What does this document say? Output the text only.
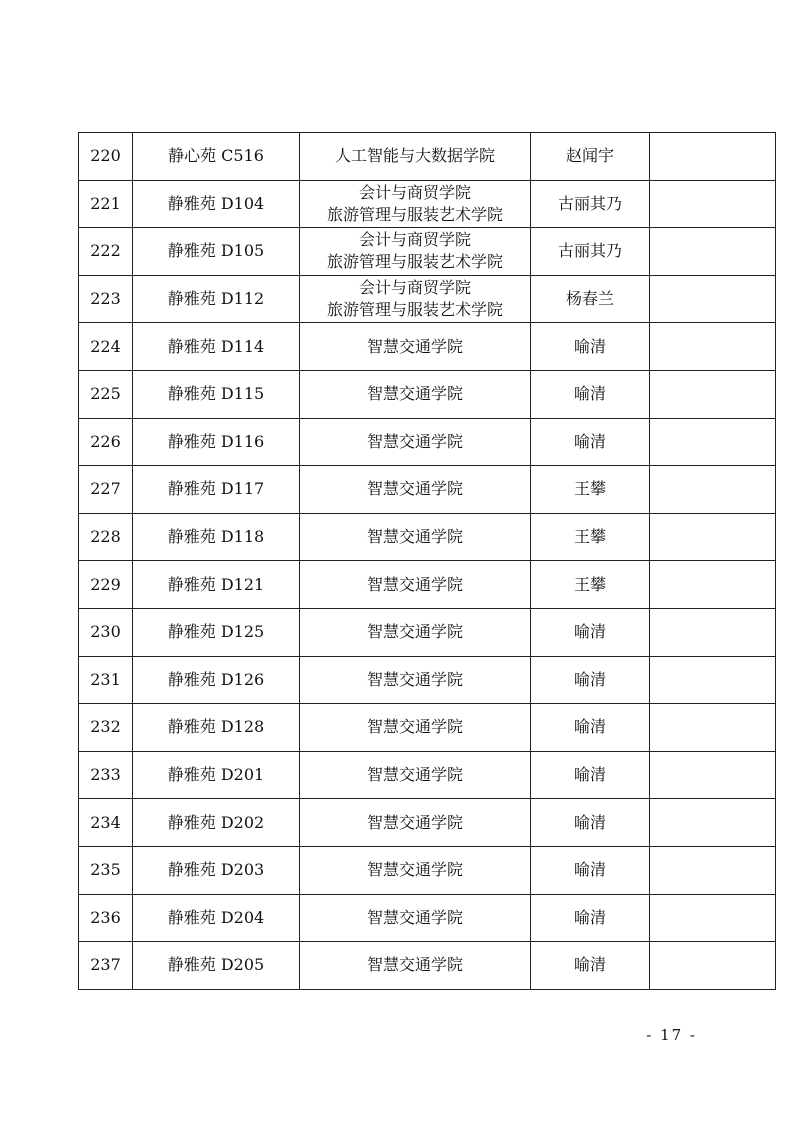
220	静心苑 C516	人工智能与大数据学院	赵闻宇	
221	静雅苑 D104	会计与商贸学院
旅游管理与服装艺术学院	古丽其乃	
222	静雅苑 D105	会计与商贸学院
旅游管理与服装艺术学院	古丽其乃	
223	静雅苑 D112	会计与商贸学院
旅游管理与服装艺术学院	杨春兰	
224	静雅苑 D114	智慧交通学院	喻清	
225	静雅苑 D115	智慧交通学院	喻清	
226	静雅苑 D116	智慧交通学院	喻清	
227	静雅苑 D117	智慧交通学院	王攀	
228	静雅苑 D118	智慧交通学院	王攀	
229	静雅苑 D121	智慧交通学院	王攀	
230	静雅苑 D125	智慧交通学院	喻清	
231	静雅苑 D126	智慧交通学院	喻清	
232	静雅苑 D128	智慧交通学院	喻清	
233	静雅苑 D201	智慧交通学院	喻清	
234	静雅苑 D202	智慧交通学院	喻清	
235	静雅苑 D203	智慧交通学院	喻清	
236	静雅苑 D204	智慧交通学院	喻清	
237	静雅苑 D205	智慧交通学院	喻清	
- 17 -
